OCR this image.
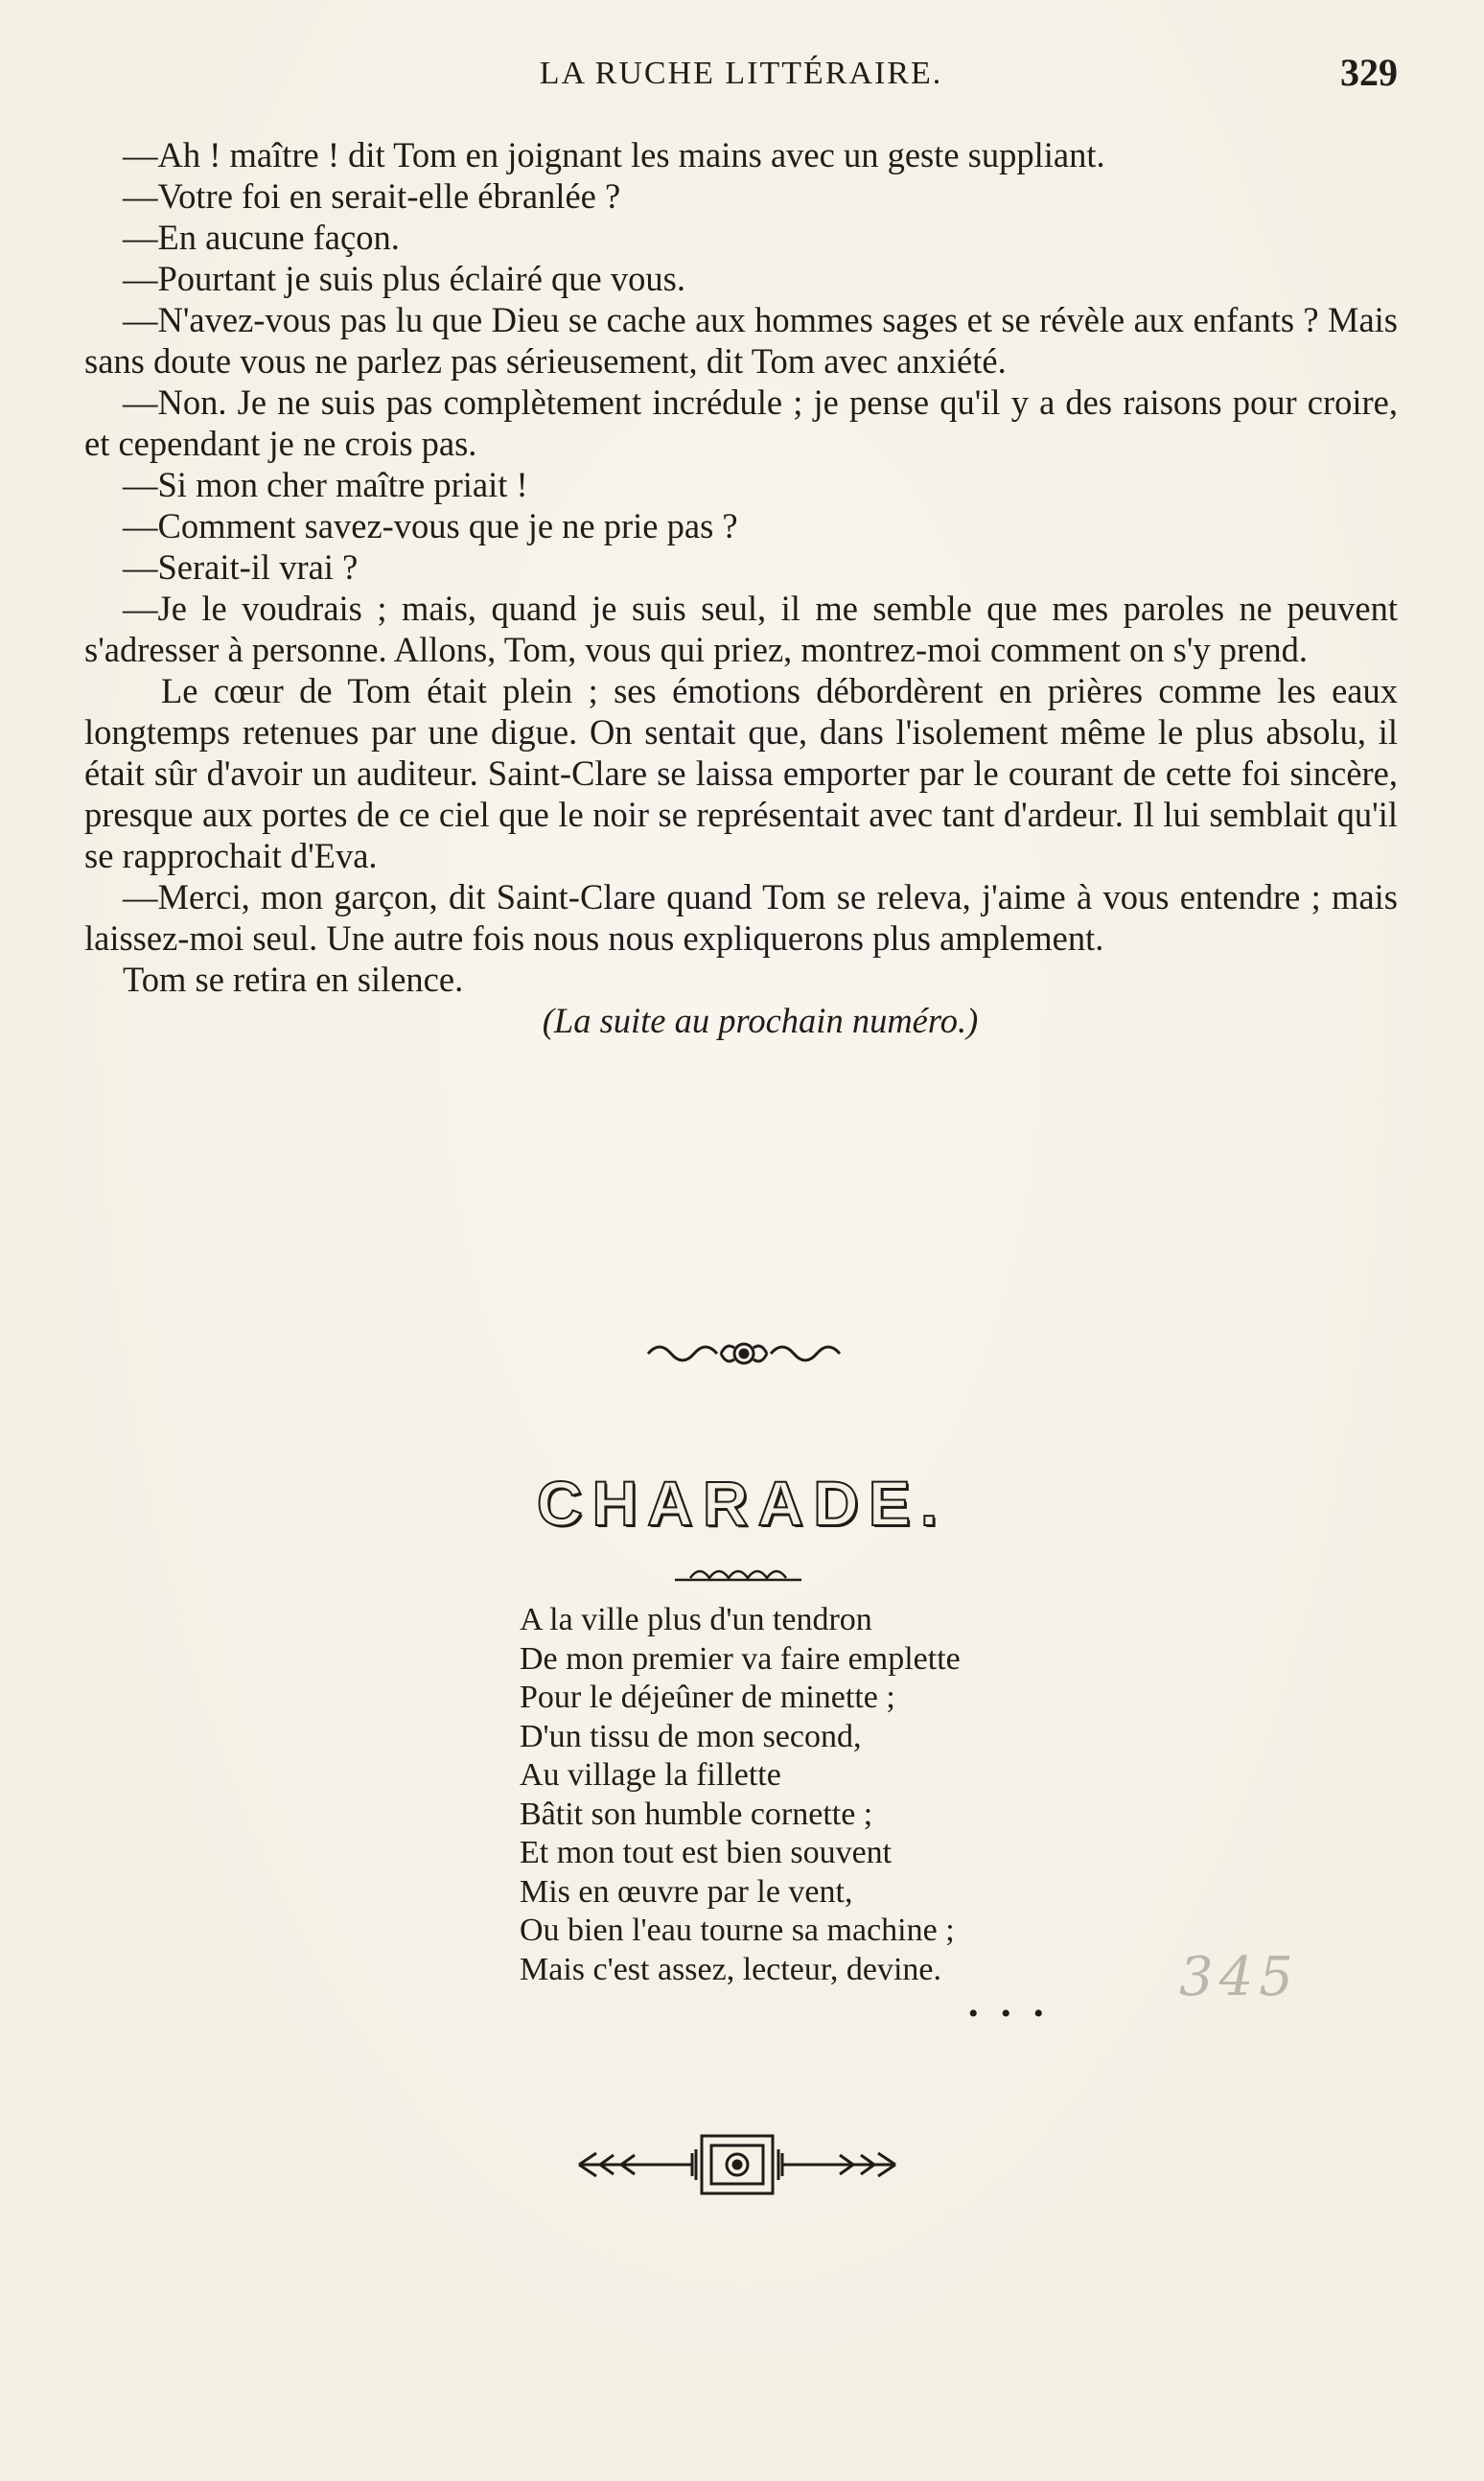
LA RUCHE LITTÉRAIRE.	329

—Ah ! maître ! dit Tom en joignant les mains avec un geste suppliant.

—Votre foi en serait-elle ébranlée ?

—En aucune façon.

—Pourtant je suis plus éclairé que vous.

—N'avez-vous pas lu que Dieu se cache aux hommes sages et se révèle aux enfants ? Mais sans doute vous ne parlez pas sérieusement, dit Tom avec anxiété.

—Non. Je ne suis pas complètement incrédule ; je pense qu'il y a des raisons pour croire, et cependant je ne crois pas.

—Si mon cher maître priait !

—Comment savez-vous que je ne prie pas ?

—Serait-il vrai ?

—Je le voudrais ; mais, quand je suis seul, il me semble que mes paroles ne peuvent s'adresser à personne. Allons, Tom, vous qui priez, montrez-moi comment on s'y prend.

Le cœur de Tom était plein ; ses émotions débordèrent en prières comme les eaux longtemps retenues par une digue. On sentait que, dans l'isolement même le plus absolu, il était sûr d'avoir un auditeur. Saint-Clare se laissa emporter par le courant de cette foi sincère, presque aux portes de ce ciel que le noir se représentait avec tant d'ardeur. Il lui semblait qu'il se rapprochait d'Eva.

—Merci, mon garçon, dit Saint-Clare quand Tom se releva, j'aime à vous entendre ; mais laissez-moi seul. Une autre fois nous nous expliquerons plus amplement.

Tom se retira en silence.

(La suite au prochain numéro.)

CHARADE.
A la ville plus d'un tendron
De mon premier va faire emplette
Pour le déjeûner de minette ;
D'un tissu de mon second,
Au village la fillette
Bâtit son humble cornette ;
Et mon tout est bien souvent
Mis en œuvre par le vent,
Ou bien l'eau tourne sa machine ;
Mais c'est assez, lecteur, devine.	345
• • •
